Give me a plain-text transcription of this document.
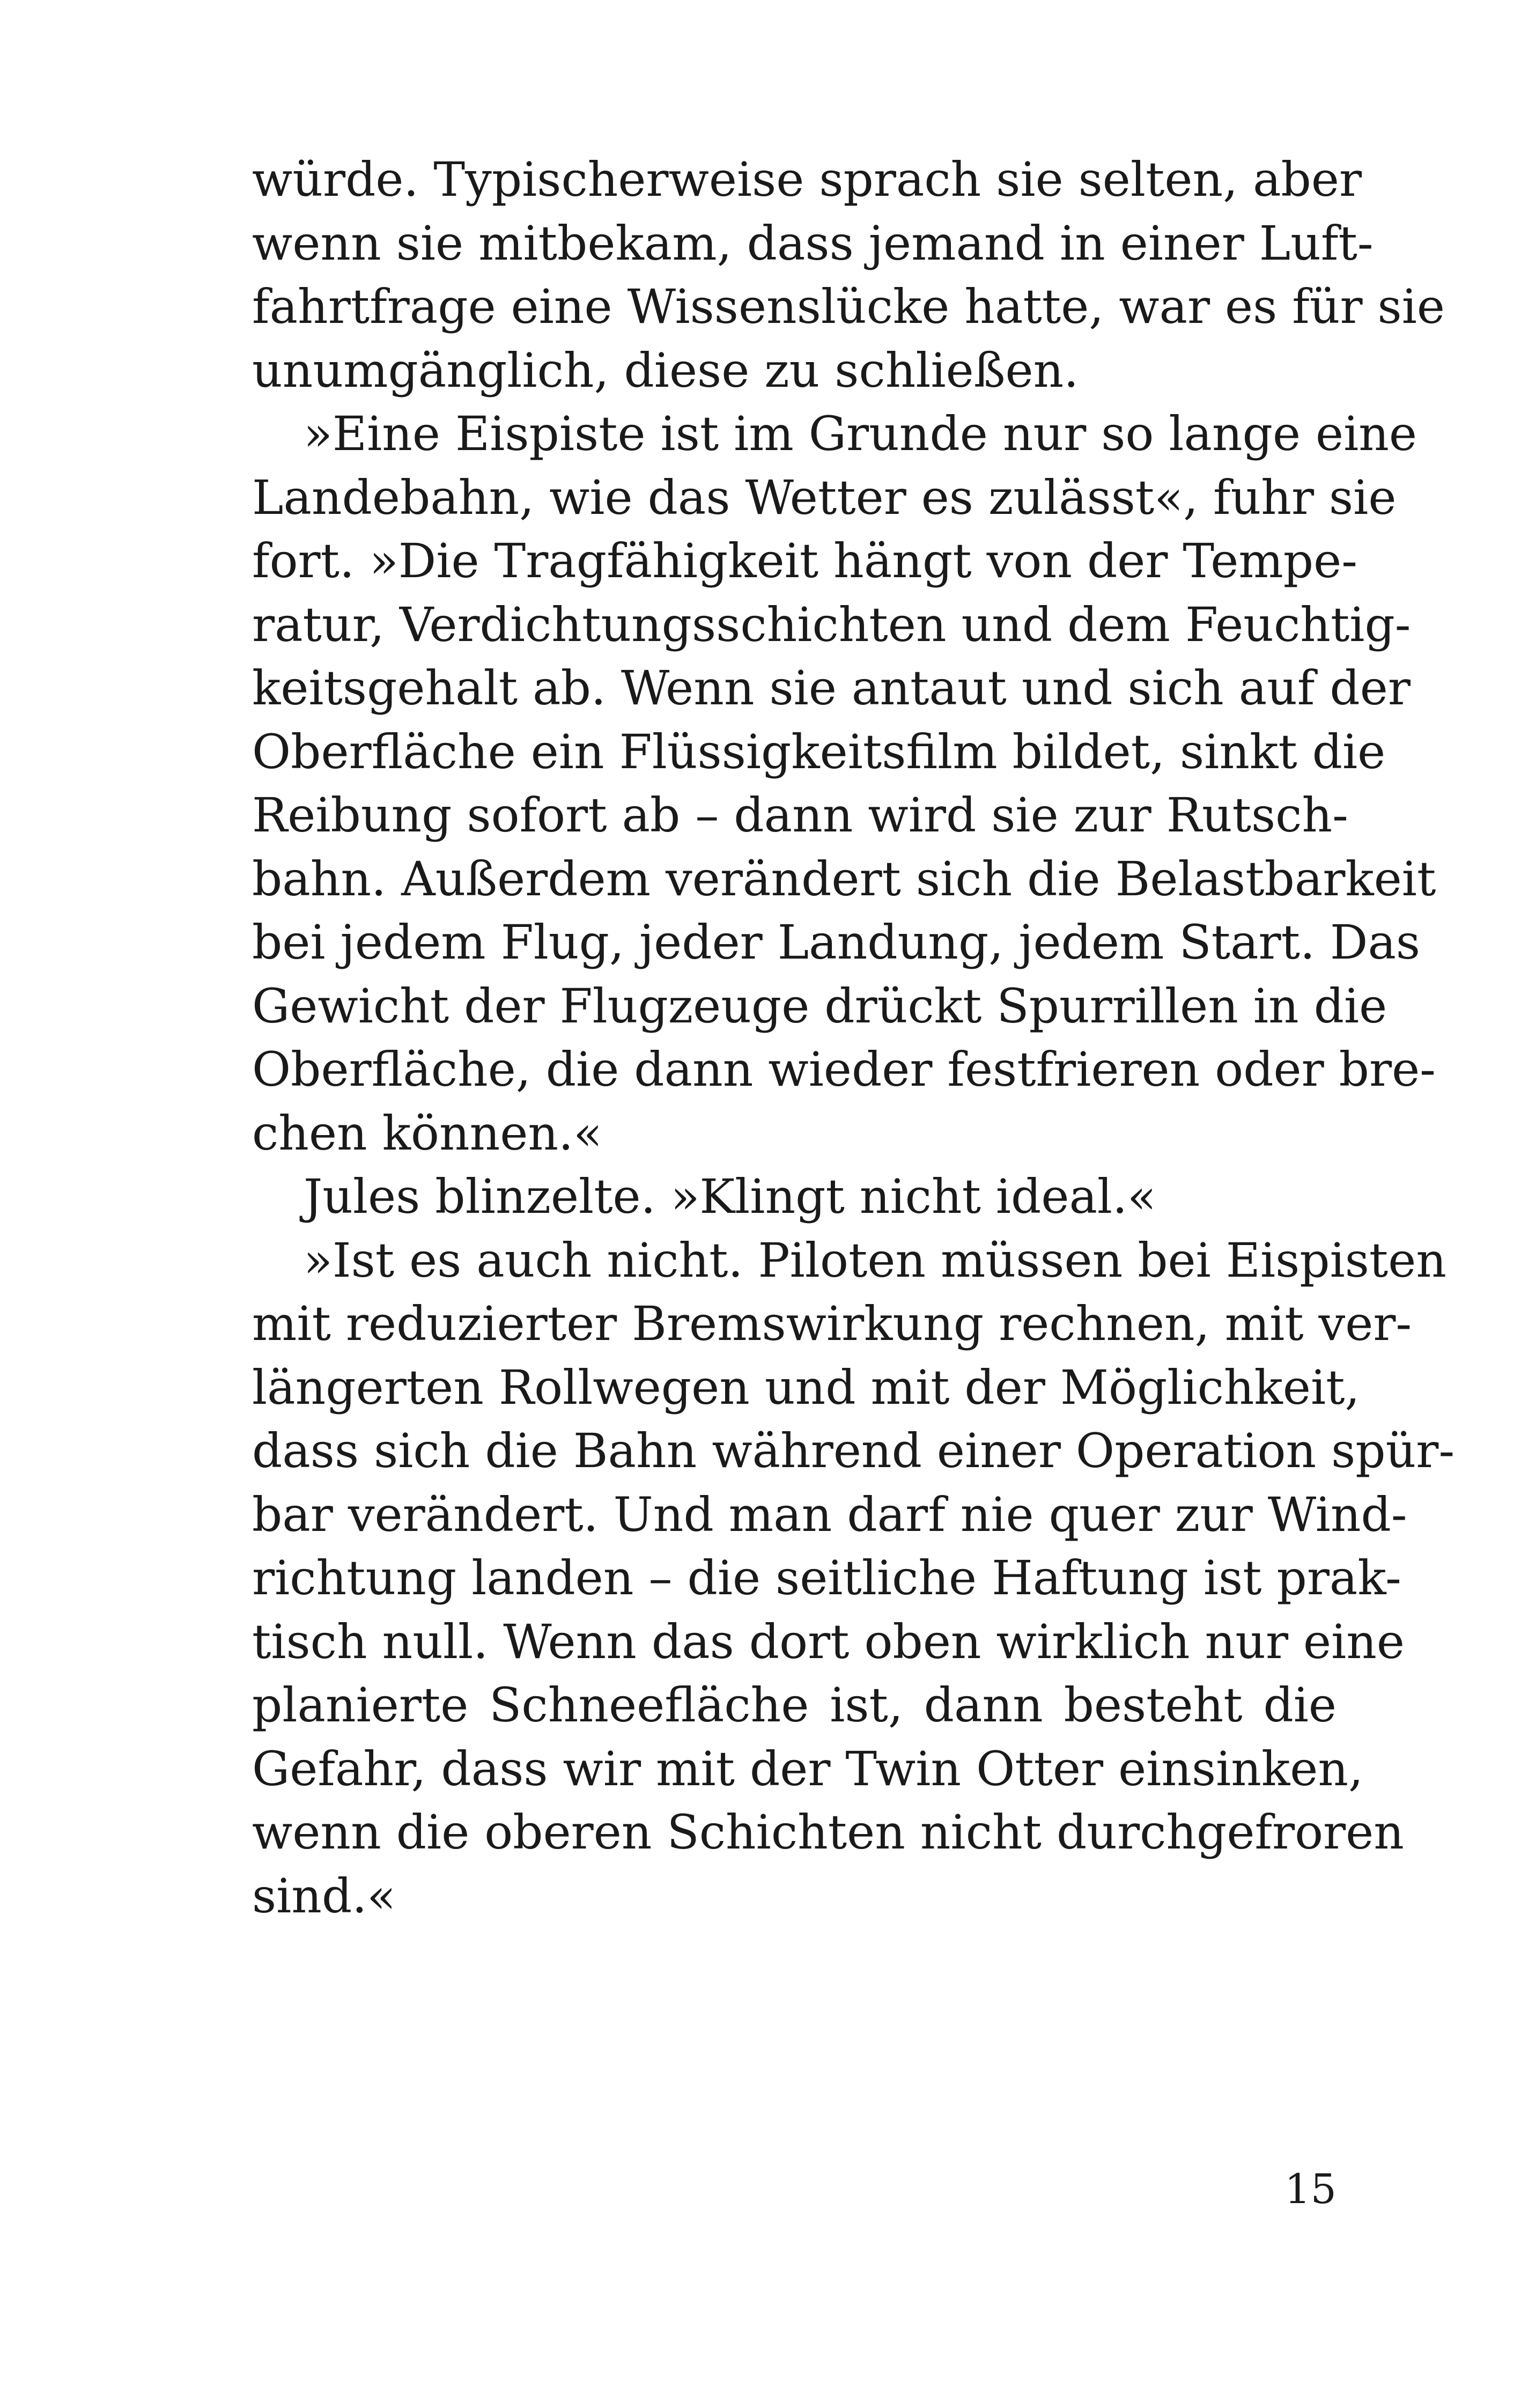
würde. Typischerweise sprach sie selten, aber
wenn sie mitbekam, dass jemand in einer Luft-
fahrtfrage eine Wissenslücke hatte, war es für sie
unumgänglich, diese zu schließen.
»Eine Eispiste ist im Grunde nur so lange eine
Landebahn, wie das Wetter es zulässt«, fuhr sie
fort. »Die Tragfähigkeit hängt von der Tempe-
ratur, Verdichtungsschichten und dem Feuchtig-
keitsgehalt ab. Wenn sie antaut und sich auf der
Oberfläche ein Flüssigkeitsfilm bildet, sinkt die
Reibung sofort ab – dann wird sie zur Rutsch-
bahn. Außerdem verändert sich die Belastbarkeit
bei jedem Flug, jeder Landung, jedem Start. Das
Gewicht der Flugzeuge drückt Spurrillen in die
Oberfläche, die dann wieder festfrieren oder bre-
chen können.«
Jules blinzelte. »Klingt nicht ideal.«
»Ist es auch nicht. Piloten müssen bei Eispisten
mit reduzierter Bremswirkung rechnen, mit ver-
längerten Rollwegen und mit der Möglichkeit,
dass sich die Bahn während einer Operation spür-
bar verändert. Und man darf nie quer zur Wind-
richtung landen – die seitliche Haftung ist prak-
tisch null. Wenn das dort oben wirklich nur eine
planierte Schneefläche ist, dann besteht die
Gefahr, dass wir mit der Twin Otter einsinken,
wenn die oberen Schichten nicht durchgefroren
sind.«
15
